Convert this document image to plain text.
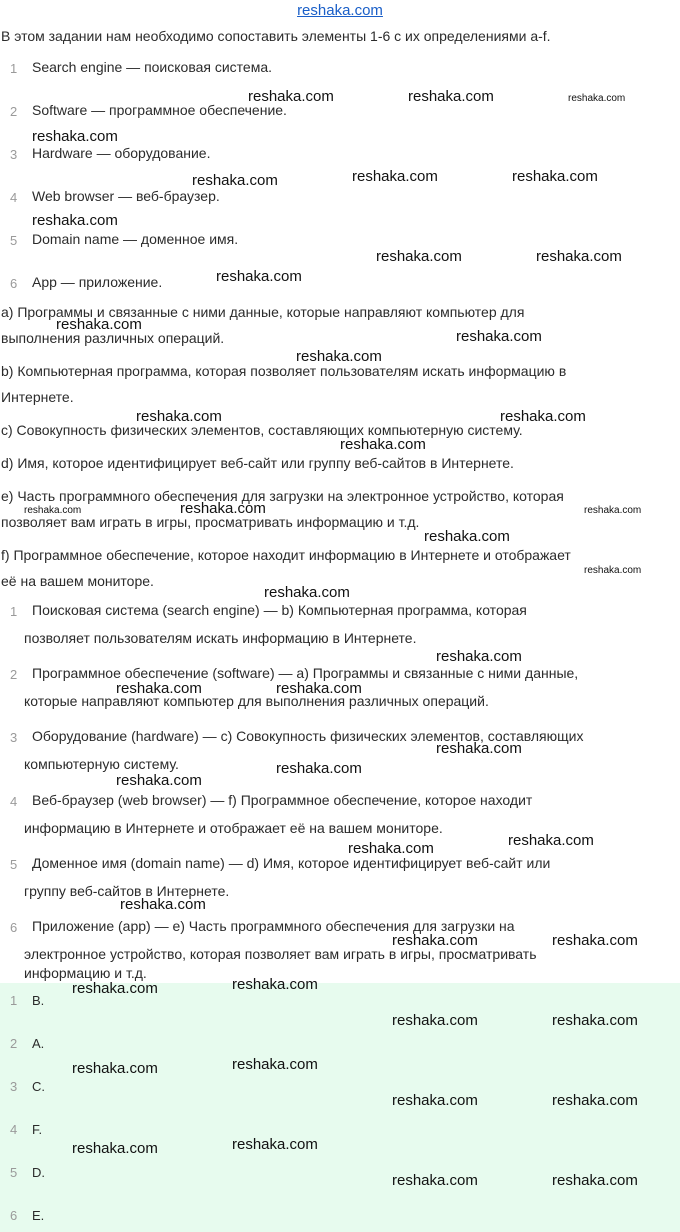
reshaka.com
В этом задании нам необходимо сопоставить элементы 1-6 с их определениями a-f.
1	Search engine — поисковая система.
2	Software — программное обеспечение.
3	Hardware — оборудование.
4	Web browser — веб-браузер.
5	Domain name — доменное имя.
6	App — приложение.
a) Программы и связанные с ними данные, которые направляют компьютер для
выполнения различных операций.
b) Компьютерная программа, которая позволяет пользователям искать информацию в
Интернете.
c) Совокупность физических элементов, составляющих компьютерную систему.
d) Имя, которое идентифицирует веб-сайт или группу веб-сайтов в Интернете.
e) Часть программного обеспечения для загрузки на электронное устройство, которая
позволяет вам играть в игры, просматривать информацию и т.д.
f) Программное обеспечение, которое находит информацию в Интернете и отображает
её на вашем мониторе.
1	Поисковая система (search engine) — b) Компьютерная программа, которая
позволяет пользователям искать информацию в Интернете.
2	Программное обеспечение (software) — a) Программы и связанные с ними данные,
которые направляют компьютер для выполнения различных операций.
3	Оборудование (hardware) — c) Совокупность физических элементов, составляющих
компьютерную систему.
4	Веб-браузер (web browser) — f) Программное обеспечение, которое находит
информацию в Интернете и отображает её на вашем мониторе.
5	Доменное имя (domain name) — d) Имя, которое идентифицирует веб-сайт или
группу веб-сайтов в Интернете.
6	Приложение (app) — e) Часть программного обеспечения для загрузки на
электронное устройство, которая позволяет вам играть в игры, просматривать
информацию и т.д.
1	B.
2	A.
3	C.
4	F.
5	D.
6	E.
reshaka.com	reshaka.com	reshaka.com
reshaka.com
reshaka.com	reshaka.com
reshaka.com
reshaka.com
reshaka.com	reshaka.com
reshaka.com
reshaka.com
reshaka.com
reshaka.com
reshaka.com	reshaka.com
reshaka.com
reshaka.com	reshaka.com	reshaka.com
reshaka.com
reshaka.com
reshaka.com
reshaka.com
reshaka.com	reshaka.com
reshaka.com
reshaka.com
reshaka.com
reshaka.com
reshaka.com
reshaka.com
reshaka.com	reshaka.com
reshaka.com
reshaka.com
reshaka.com	reshaka.com
reshaka.com
reshaka.com
reshaka.com	reshaka.com
reshaka.com
reshaka.com
reshaka.com	reshaka.com
